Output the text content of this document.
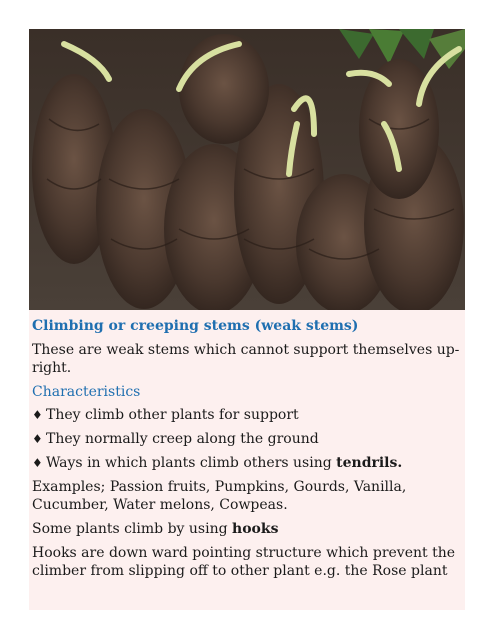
Climbing or creeping stems (weak stems)
These are weak stems which cannot support themselves up-right.
Characteristics
♦ They climb other plants for support
♦ They normally creep along the ground
♦ Ways in which plants climb others using tendrils.
Examples; Passion fruits, Pumpkins, Gourds, Vanilla, Cucumber, Water melons, Cowpeas.
Some plants climb by using hooks
Hooks are down ward pointing structure which prevent the climber from slipping off to other plant e.g. the Rose plant
